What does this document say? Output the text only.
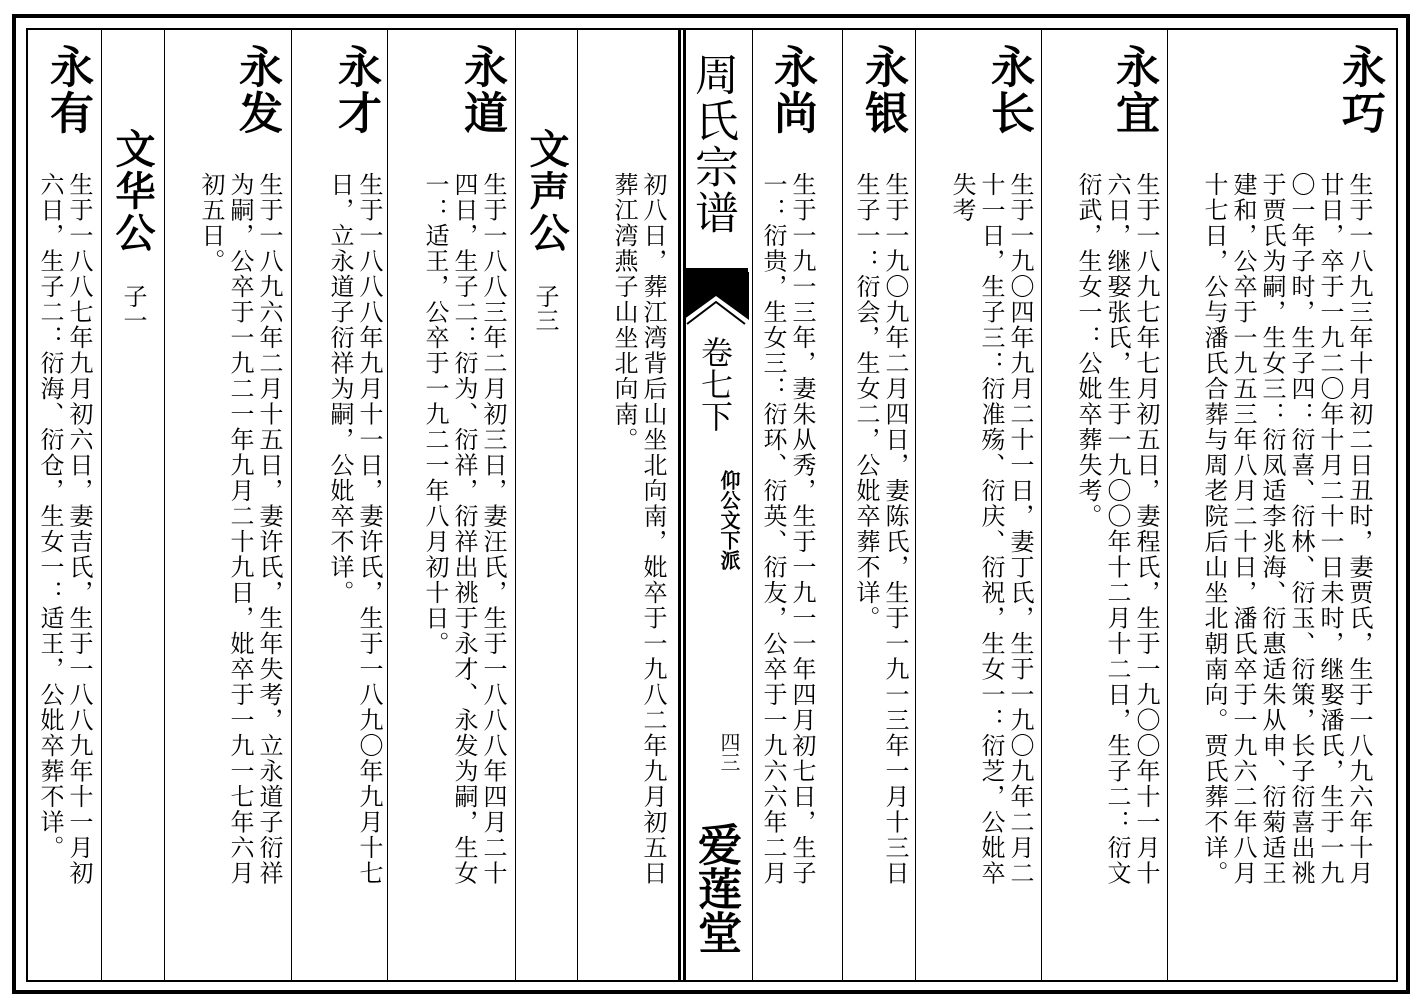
周氏宗谱
卷七下
仰公文下派
四三
爱莲堂
永巧
生于一八九三年十月初二日丑时，妻贾氏，生于一八九六年十月
廿日，卒于一九二〇年十月二十一日未时，继娶潘氏，生于一九
〇一年子时，生子四：衍喜、衍林、衍玉、衍策，长子衍喜出祧
于贾氏为嗣，生女三：衍凤适李兆海、衍惠适朱从申、衍菊适王
建和，公卒于一九五三年八月二十日，潘氏卒于一九六二年八月
十七日，公与潘氏合葬与周老院后山坐北朝南向。贾氏葬不详。
永宜
生于一八九七年七月初五日，妻程氏，生于一九〇〇年十一月十
六日，继娶张氏，生于一九〇〇年十二月十二日，生子二：衍文
衍武，生女一：公妣卒葬失考。
永长
生于一九〇四年九月二十一日，妻丁氏，生于一九〇九年二月二
十一日，生子三：衍准殇、衍庆、衍祝，生女一：衍芝，公妣卒
失考
永银
生于一九〇九年二月四日，妻陈氏，生于一九一三年一月十三日
生子一：衍会，生女二，公妣卒葬不详。
永尚
生于一九一三年，妻朱从秀，生于一九一一年四月初七日，生子
一：衍贵，生女三：衍环、衍英、衍友，公卒于一九六六年二月
初八日，葬江湾背后山坐北向南，妣卒于一九八二年九月初五日
葬江湾燕子山坐北向南。
文声公
子三
永道
生于一八八三年二月初三日，妻汪氏，生于一八八八年四月二十
四日，生子二：衍为、衍祥，衍祥出祧于永才、永发为嗣，生女
一：适王，公卒于一九二一年八月初十日。
永才
生于一八八八年九月十一日，妻许氏，生于一八九〇年九月十七
日，立永道子衍祥为嗣，公妣卒不详。
永发
生于一八九六年二月十五日，妻许氏，生年失考，立永道子衍祥
为嗣，公卒于一九二一年九月二十九日，妣卒于一九一七年六月
初五日。
文华公
子一
永有
生于一八八七年九月初六日，妻吉氏，生于一八八九年十一月初
六日，生子二：衍海、衍仓，生女一：适王，公妣卒葬不详。
